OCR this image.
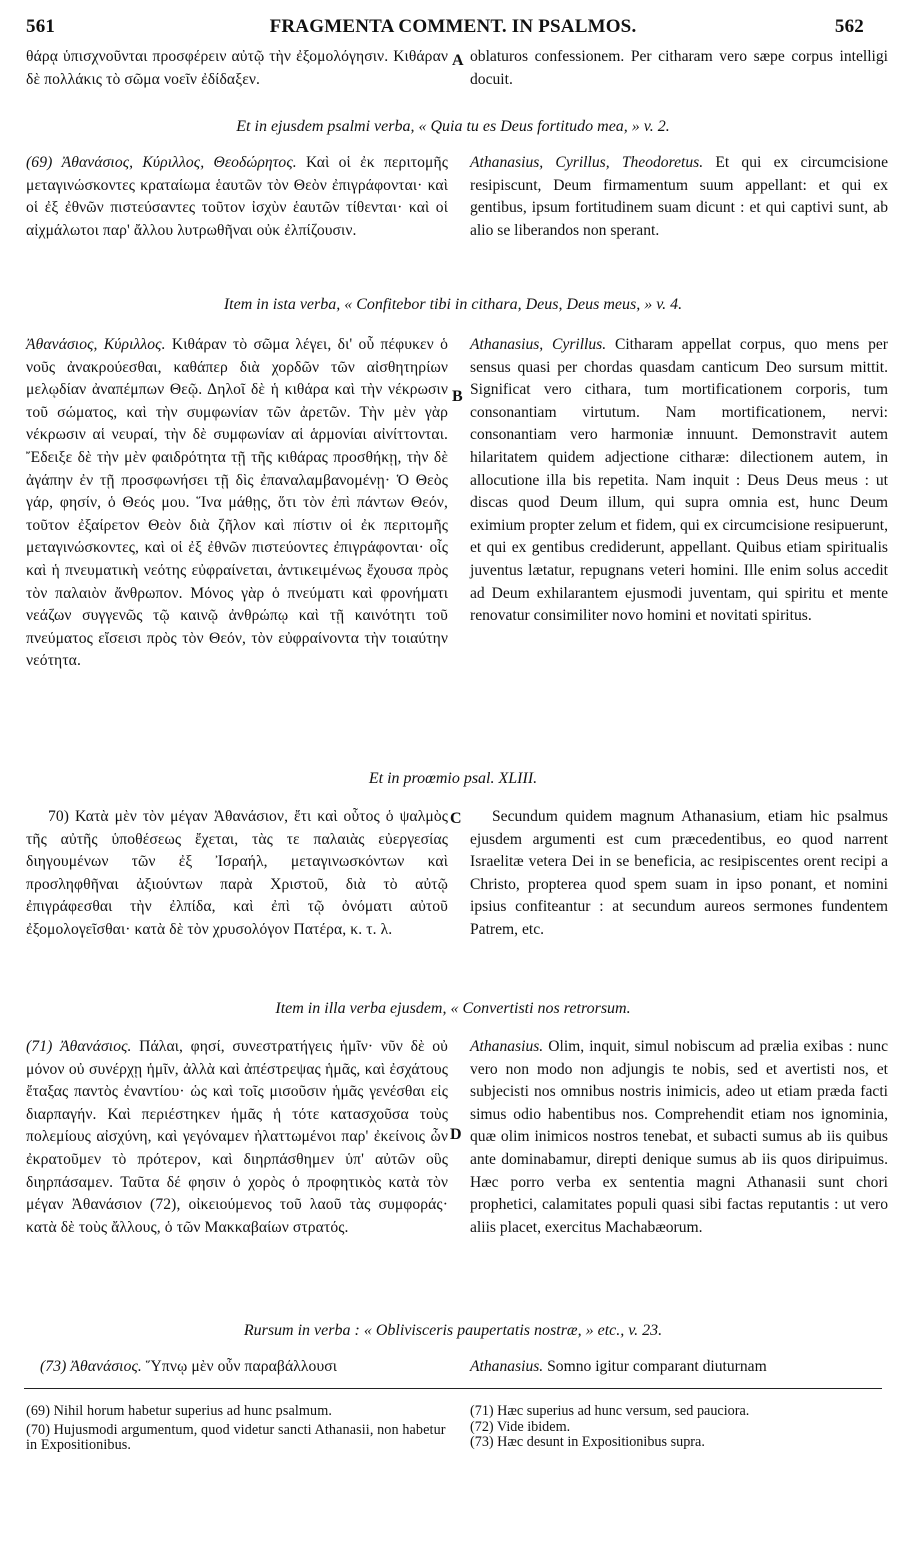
561	FRAGMENTA COMMENT. IN PSALMOS.	562
θάρᾳ ὑπισχνοῦνται προσφέρειν αὐτῷ τὴν ἐξομολόγησιν. Κιθάραν δὲ πολλάκις τὸ σῶμα νοεῖν ἐδίδαξεν.
A oblaturos confessionem. Per citharam vero sæpe corpus intelligi docuit.
Et in ejusdem psalmi verba, « Quia tu es Deus fortitudo mea, » v. 2.
(69) Ἀθανάσιος, Κύριλλος, Θεοδώρητος. Καὶ οἱ ἐκ περιτομῆς μεταγινώσκοντες κραταίωμα ἑαυτῶν τὸν Θεὸν ἐπιγράφονται· καὶ οἱ ἐξ ἐθνῶν πιστεύσαντες τοῦτον ἰσχὺν ἑαυτῶν τίθενται· καὶ οἱ αἰχμάλωτοι παρ' ἄλλου λυτρωθῆναι οὐκ ἐλπίζουσιν.
Athanasius, Cyrillus, Theodoretus. Et qui ex circumcisione resipiscunt, Deum firmamentum suum appellant: et qui ex gentibus, ipsum fortitudinem suam dicunt : et qui captivi sunt, ab alio se liberandos non sperant.
Item in ista verba, « Confitebor tibi in cithara, Deus, Deus meus, » v. 4.
Ἀθανάσιος, Κύριλλος. Κιθάραν τὸ σῶμα λέγει, δι' οὗ πέφυκεν ὁ νοῦς ἀνακρούεσθαι, καθάπερ διὰ χορδῶν τῶν αἰσθητηρίων μελῳδίαν ἀναπέμπων Θεῷ. Δηλοῖ δὲ ἡ κιθάρα καὶ τὴν νέκρωσιν τοῦ σώματος, καὶ τὴν συμφωνίαν τῶν ἀρετῶν. Τὴν μὲν γὰρ νέκρωσιν αἱ νευραί, τὴν δὲ συμφωνίαν αἱ ἁρμονίαι αἰνίττονται. Ἔδειξε δὲ τὴν μὲν φαιδρότητα τῇ τῆς κιθάρας προσθήκῃ, τὴν δὲ ἀγάπην ἐν τῇ προσφωνήσει τῇ δὶς ἐπαναλαμβανομένῃ· Ὁ Θεὸς γάρ, φησίν, ὁ Θεός μου. Ἵνα μάθῃς, ὅτι τὸν ἐπὶ πάντων Θεόν, τοῦτον ἐξαίρετον Θεὸν διὰ ζῆλον καὶ πίστιν οἱ ἐκ περιτομῆς μεταγινώσκοντες, καὶ οἱ ἐξ ἐθνῶν πιστεύοντες ἐπιγράφονται· οἷς καὶ ἡ πνευματικὴ νεότης εὐφραίνεται, ἀντικειμένως ἔχουσα πρὸς τὸν παλαιὸν ἄνθρωπον. Μόνος γὰρ ὁ πνεύματι καὶ φρονήματι νεάζων συγγενῶς τῷ καινῷ ἀνθρώπῳ καὶ τῇ καινότητι τοῦ πνεύματος εἴσεισι πρὸς τὸν Θεόν, τὸν εὐφραίνοντα τὴν τοιαύτην νεότητα.
B
Athanasius, Cyrillus. Citharam appellat corpus, quo mens per sensus quasi per chordas quasdam canticum Deo sursum mittit. Significat vero cithara, tum mortificationem corporis, tum consonantiam virtutum. Nam mortificationem, nervi: consonantiam vero harmoniæ innuunt. Demonstravit autem hilaritatem quidem adjectione citharæ: dilectionem autem, in allocutione illa bis repetita. Nam inquit : Deus Deus meus : ut discas quod Deum illum, qui supra omnia est, hunc Deum eximium propter zelum et fidem, qui ex circumcisione resipuerunt, et qui ex gentibus crediderunt, appellant. Quibus etiam spiritualis juventus lætatur, repugnans veteri homini. Ille enim solus accedit ad Deum exhilarantem ejusmodi juventam, qui spiritu et mente renovatur consimiliter novo homini et novitati spiritus.
Et in proœmio psal. XLIII.
70) Κατὰ μὲν τὸν μέγαν Ἀθανάσιον, ἔτι καὶ οὗτος ὁ ψαλμὸς τῆς αὐτῆς ὑποθέσεως ἔχεται, τὰς τε παλαιὰς εὐεργεσίας διηγουμένων τῶν ἐξ Ἰσραήλ, μεταγινωσκόντων καὶ προσληφθῆναι ἀξιούντων παρὰ Χριστοῦ, διὰ τὸ αὐτῷ ἐπιγράφεσθαι τὴν ἐλπίδα, καὶ ἐπὶ τῷ ὀνόματι αὐτοῦ ἐξομολογεῖσθαι· κατὰ δὲ τὸν χρυσολόγον Πατέρα, κ. τ. λ.
C	Secundum quidem magnum Athanasium, etiam hic psalmus ejusdem argumenti est cum præcedentibus, eo quod narrent Israelitæ vetera Dei in se beneficia, ac resipiscentes orent recipi a Christo, propterea quod spem suam in ipso ponant, et nomini ipsius confiteantur : at secundum aureos sermones fundentem Patrem, etc.
Item in illa verba ejusdem, « Convertisti nos retrorsum.
(71) Ἀθανάσιος. Πάλαι, φησί, συνεστρατήγεις ἡμῖν· νῦν δὲ οὐ μόνον οὐ συνέρχῃ ἡμῖν, ἀλλὰ καὶ ἀπέστρεψας ἡμᾶς, καὶ ἐσχάτους ἔταξας παντὸς ἐναντίου· ὡς καὶ τοῖς μισοῦσιν ἡμᾶς γενέσθαι εἰς διαρπαγήν. Καὶ περιέστηκεν ἡμᾶς ἡ τότε κατασχοῦσα τοὺς πολεμίους αἰσχύνη, καὶ γεγόναμεν ἠλαττωμένοι παρ' ἐκείνοις ὧν ἐκρατοῦμεν τὸ πρότερον, καὶ διηρπάσθημεν ὑπ' αὐτῶν οὓς διηρπάσαμεν. Ταῦτα δέ φησιν ὁ χορὸς ὁ προφητικὸς κατὰ τὸν μέγαν Ἀθανάσιον (72), οἰκειούμενος τοῦ λαοῦ τὰς συμφοράς· κατὰ δὲ τοὺς ἄλλους, ὁ τῶν Μακκαβαίων στρατός.
D
Athanasius. Olim, inquit, simul nobiscum ad prælia exibas : nunc vero non modo non adjungis te nobis, sed et avertisti nos, et subjecisti nos omnibus nostris inimicis, adeo ut etiam præda facti simus odio habentibus nos. Comprehendit etiam nos ignominia, quæ olim inimicos nostros tenebat, et subacti sumus ab iis quibus ante dominabamur, direpti denique sumus ab iis quos diripuimus. Hæc porro verba ex sententia magni Athanasii sunt chori prophetici, calamitates populi quasi sibi factas reputantis : ut vero aliis placet, exercitus Machabæorum.
Rursum in verba : « Oblivisceris paupertatis nostræ, » etc., v. 23.
(73) Ἀθανάσιος. Ὕπνῳ μὲν οὖν παραβάλλουσι	Athanasius. Somno igitur comparant diuturnam
(69) Nihil horum habetur superius ad hunc psalmum.
(70) Hujusmodi argumentum, quod videtur sancti Athanasii, non habetur in Expositionibus.
(71) Hæc superius ad hunc versum, sed pauciora.
(72) Vide ibidem.
(73) Hæc desunt in Expositionibus supra.
